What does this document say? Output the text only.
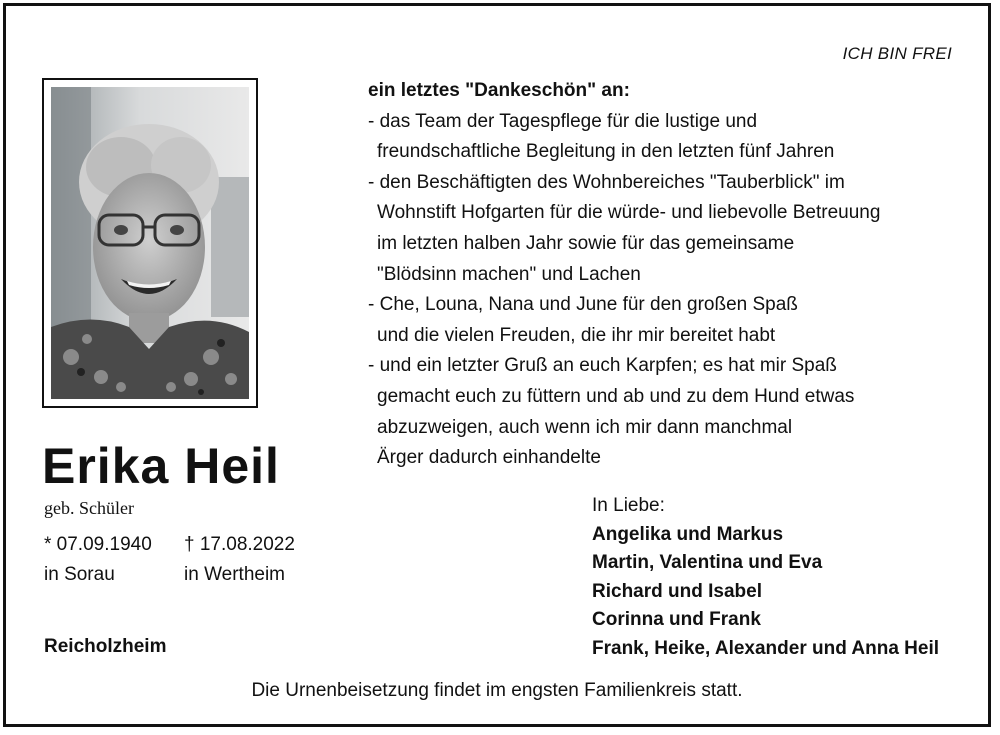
ICH BIN FREI
Erika Heil
geb. Schüler
* 07.09.1940 † 17.08.2022
in Sorau	in Wertheim
Reicholzheim
ein letztes "Dankeschön" an:
- das Team der Tagespflege für die lustige und
freundschaftliche Begleitung in den letzten fünf Jahren
- den Beschäftigten des Wohnbereiches "Tauberblick" im
Wohnstift Hofgarten für die würde- und liebevolle Betreuung
im letzten halben Jahr sowie für das gemeinsame
"Blödsinn machen" und Lachen
- Che, Louna, Nana und June für den großen Spaß
und die vielen Freuden, die ihr mir bereitet habt
- und ein letzter Gruß an euch Karpfen; es hat mir Spaß
gemacht euch zu füttern und ab und zu dem Hund etwas
abzuzweigen, auch wenn ich mir dann manchmal
Ärger dadurch einhandelte
In Liebe:
Angelika und Markus
Martin, Valentina und Eva
Richard und Isabel
Corinna und Frank
Frank, Heike, Alexander und Anna Heil
Die Urnenbeisetzung findet im engsten Familienkreis statt.
